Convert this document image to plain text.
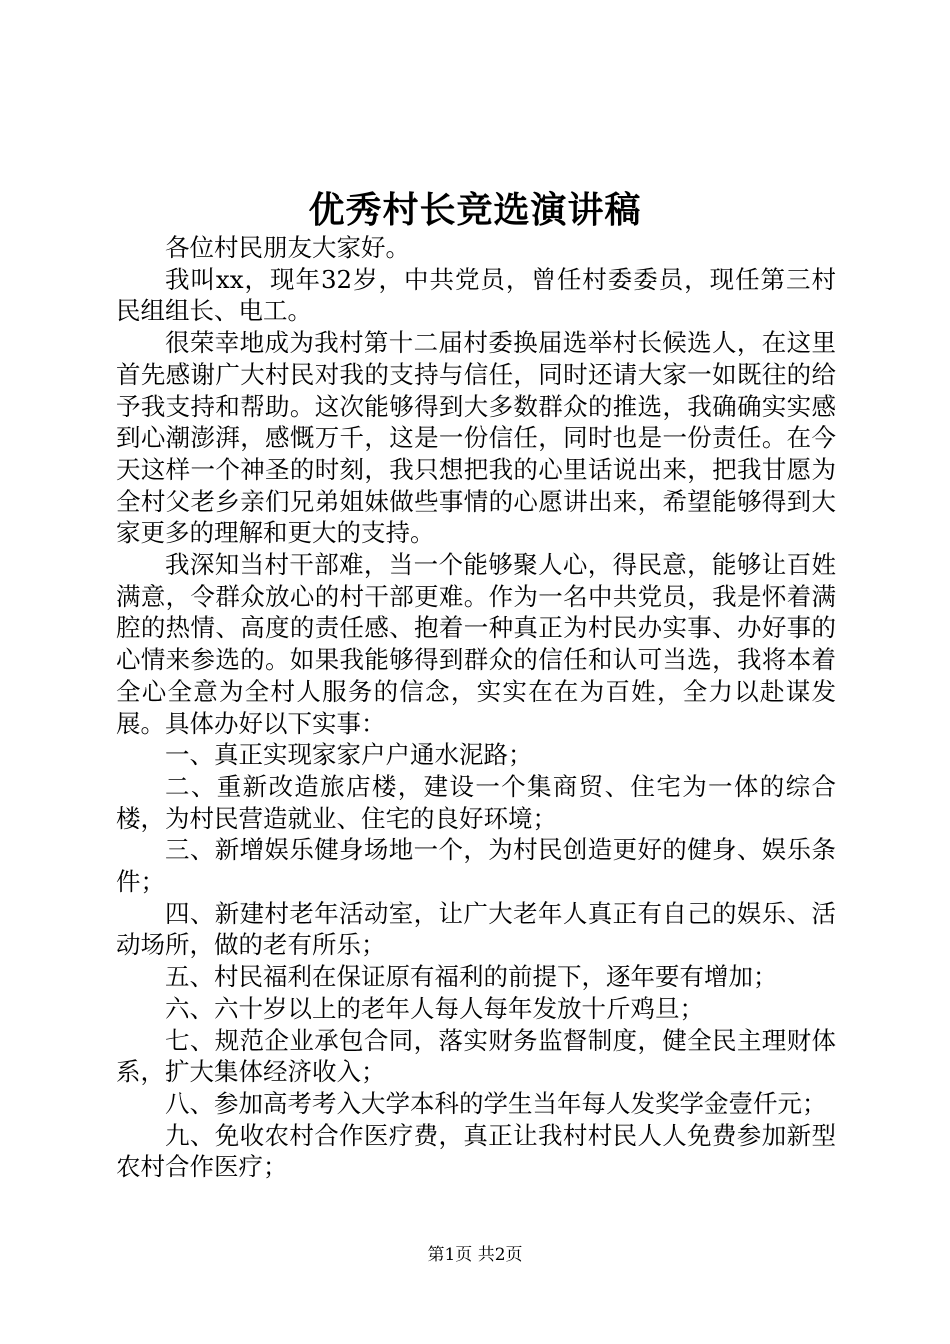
优秀村长竞选演讲稿

各位村民朋友大家好。

我叫xx，现年32岁，中共党员，曾任村委委员，现任第三村民组组长、电工。

很荣幸地成为我村第十二届村委换届选举村长候选人，在这里首先感谢广大村民对我的支持与信任，同时还请大家一如既往的给予我支持和帮助。这次能够得到大多数群众的推选，我确确实实感到心潮澎湃，感慨万千，这是一份信任，同时也是一份责任。在今天这样一个神圣的时刻，我只想把我的心里话说出来，把我甘愿为全村父老乡亲们兄弟姐妹做些事情的心愿讲出来，希望能够得到大家更多的理解和更大的支持。

我深知当村干部难，当一个能够聚人心，得民意，能够让百姓满意，令群众放心的村干部更难。作为一名中共党员，我是怀着满腔的热情、高度的责任感、抱着一种真正为村民办实事、办好事的心情来参选的。如果我能够得到群众的信任和认可当选，我将本着全心全意为全村人服务的信念，实实在在为百姓，全力以赴谋发展。具体办好以下实事：

一、真正实现家家户户通水泥路；

二、重新改造旅店楼，建设一个集商贸、住宅为一体的综合楼，为村民营造就业、住宅的良好环境；

三、新增娱乐健身场地一个，为村民创造更好的健身、娱乐条件；

四、新建村老年活动室，让广大老年人真正有自己的娱乐、活动场所，做的老有所乐；

五、村民福利在保证原有福利的前提下，逐年要有增加；

六、六十岁以上的老年人每人每年发放十斤鸡旦；

七、规范企业承包合同，落实财务监督制度，健全民主理财体系，扩大集体经济收入；

八、参加高考考入大学本科的学生当年每人发奖学金壹仟元；

九、免收农村合作医疗费，真正让我村村民人人免费参加新型农村合作医疗；

第1页 共2页
